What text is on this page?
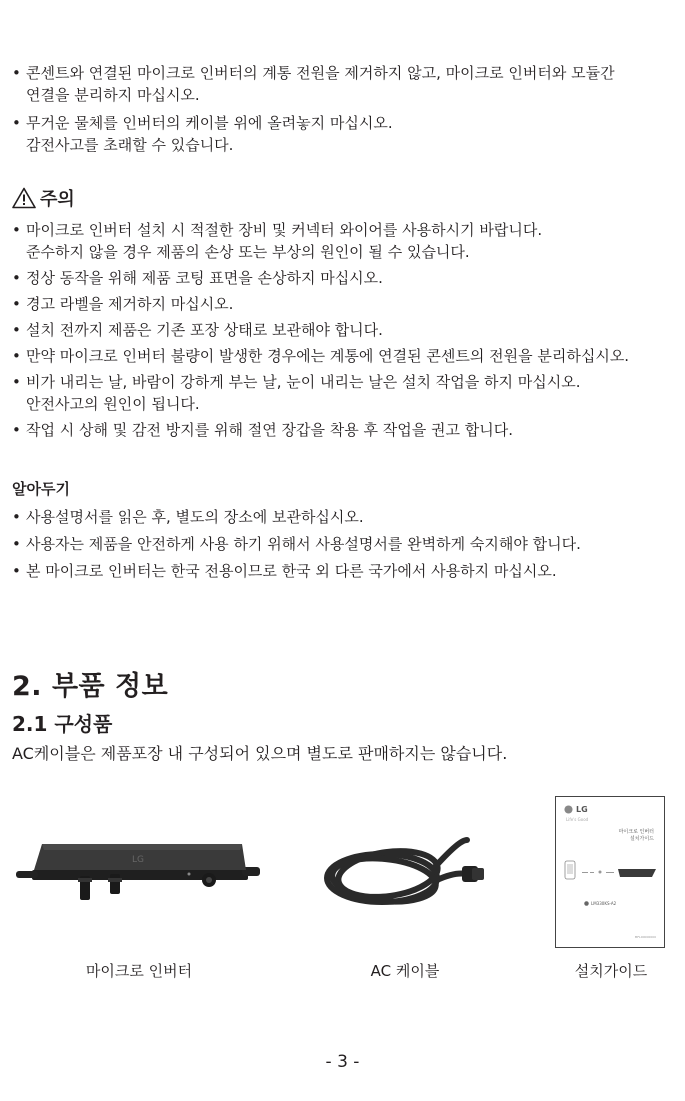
• 콘센트와 연결된 마이크로 인버터의 계통 전원을 제거하지 않고, 마이크로 인버터와 모듈간
연결을 분리하지 마십시오.
• 무거운 물체를 인버터의 케이블 위에 올려놓지 마십시오.
감전사고를 초래할 수 있습니다.
주의
• 마이크로 인버터 설치 시 적절한 장비 및 커넥터 와이어를 사용하시기 바랍니다.
준수하지 않을 경우 제품의 손상 또는 부상의 원인이 될 수 있습니다.
• 정상 동작을 위해 제품 코팅 표면을 손상하지 마십시오.
• 경고 라벨을 제거하지 마십시오.
• 설치 전까지 제품은 기존 포장 상태로 보관해야 합니다.
• 만약 마이크로 인버터 불량이 발생한 경우에는 계통에 연결된 콘센트의 전원을 분리하십시오.
• 비가 내리는 날, 바람이 강하게 부는 날, 눈이 내리는 날은 설치 작업을 하지 마십시오.
안전사고의 원인이 됩니다.
• 작업 시 상해 및 감전 방지를 위해 절연 장갑을 착용 후 작업을 권고 합니다.
알아두기
• 사용설명서를 읽은 후, 별도의 장소에 보관하십시오.
• 사용자는 제품을 안전하게 사용 하기 위해서 사용설명서를 완벽하게 숙지해야 합니다.
• 본 마이크로 인버터는 한국 전용이므로 한국 외 다른 국가에서 사용하지 마십시오.
2. 부품 정보
2.1 구성품
AC케이블은 제품포장 내 구성되어 있으며 별도로 판매하지는 않습니다.
LG
마이크로 인버터	AC 케이블
LG
Life's Good
마이크로 인버터
설치가이드
LM330KS-A2
MFL00000000
설치가이드
- 3 -
